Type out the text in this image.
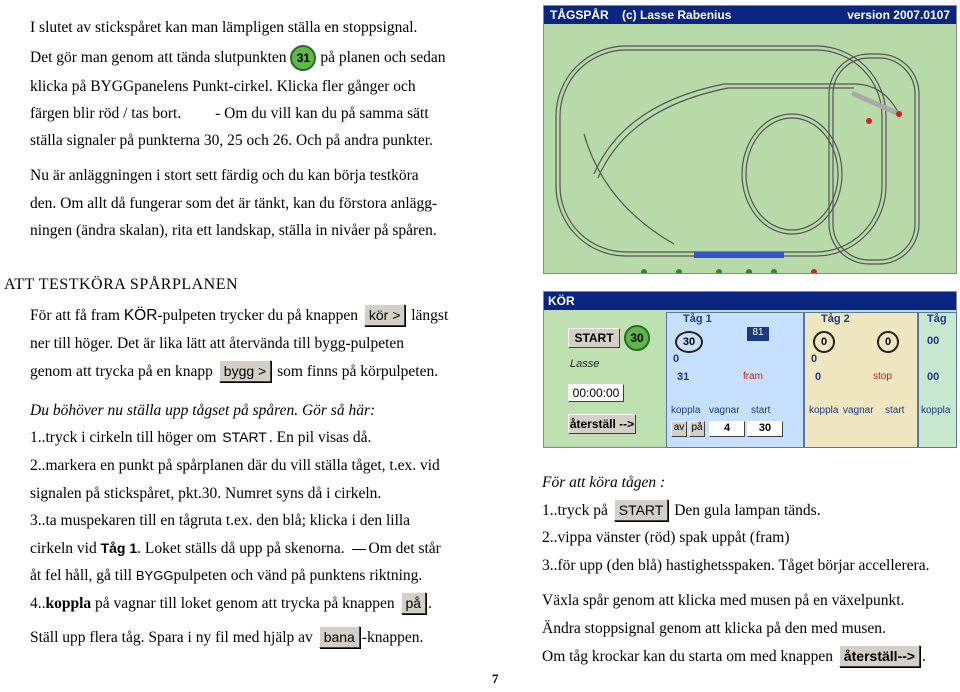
I slutet av stickspåret kan man lämpligen ställa en stoppsignal.
Det gör man genom att tända slutpunkten 31 på planen och sedan
klicka på BYGGpanelens Punkt-cirkel. Klicka fler gånger och
färgen blir röd / tas bort. - Om du vill kan du på samma sätt
ställa signaler på punkterna 30, 25 och 26. Och på andra punkter.
Nu är anläggningen i stort sett färdig och du kan börja testköra
den. Om allt då fungerar som det är tänkt, kan du förstora anlägg-
ningen (ändra skalan), rita ett landskap, ställa in nivåer på spåren.
ATT TESTKÖRA SPÅRPLANEN
För att få fram KÖR-pulpeten trycker du på knappen kör > längst
ner till höger. Det är lika lätt att återvända till bygg-pulpeten
genom att trycka på en knapp bygg > som finns på körpulpeten.
Du böhöver nu ställa upp tågset på spåren. Gör så här:
1..tryck i cirkeln till höger om START . En pil visas då.
2..markera en punkt på spårplanen där du vill ställa tåget, t.ex. vid
signalen på stickspåret, pkt.30. Numret syns då i cirkeln.
3..ta muspekaren till en tågruta t.ex. den blå; klicka i den lilla
cirkeln vid Tåg 1. Loket ställs då upp på skenorna. Om det står
åt fel håll, gå till BYGGpulpeten och vänd på punktens riktning.
4..koppla på vagnar till loket genom att trycka på knappen på .
Ställ upp flera tåg. Spara i ny fil med hjälp av bana -knappen.
TÅGSPÅR (c) Lasse Rabenius	version 2007.0107
KÖR
START	30
Lasse
00:00:00
återställ -->
Tåg 1
30
0
31
81
fram
koppla vagnar start
av på	4	30
Tåg 2
0
0
0
0
stop
koppla vagnar start
Tåg
00
00
koppla
För att köra tågen :
1..tryck på START Den gula lampan tänds.
2..vippa vänster (röd) spak uppåt (fram)
3..för upp (den blå) hastighetsspaken. Tåget börjar accellerera.
Växla spår genom att klicka med musen på en växelpunkt.
Ändra stoppsignal genom att klicka på den med musen.
Om tåg krockar kan du starta om med knappen återställ--> .
7
